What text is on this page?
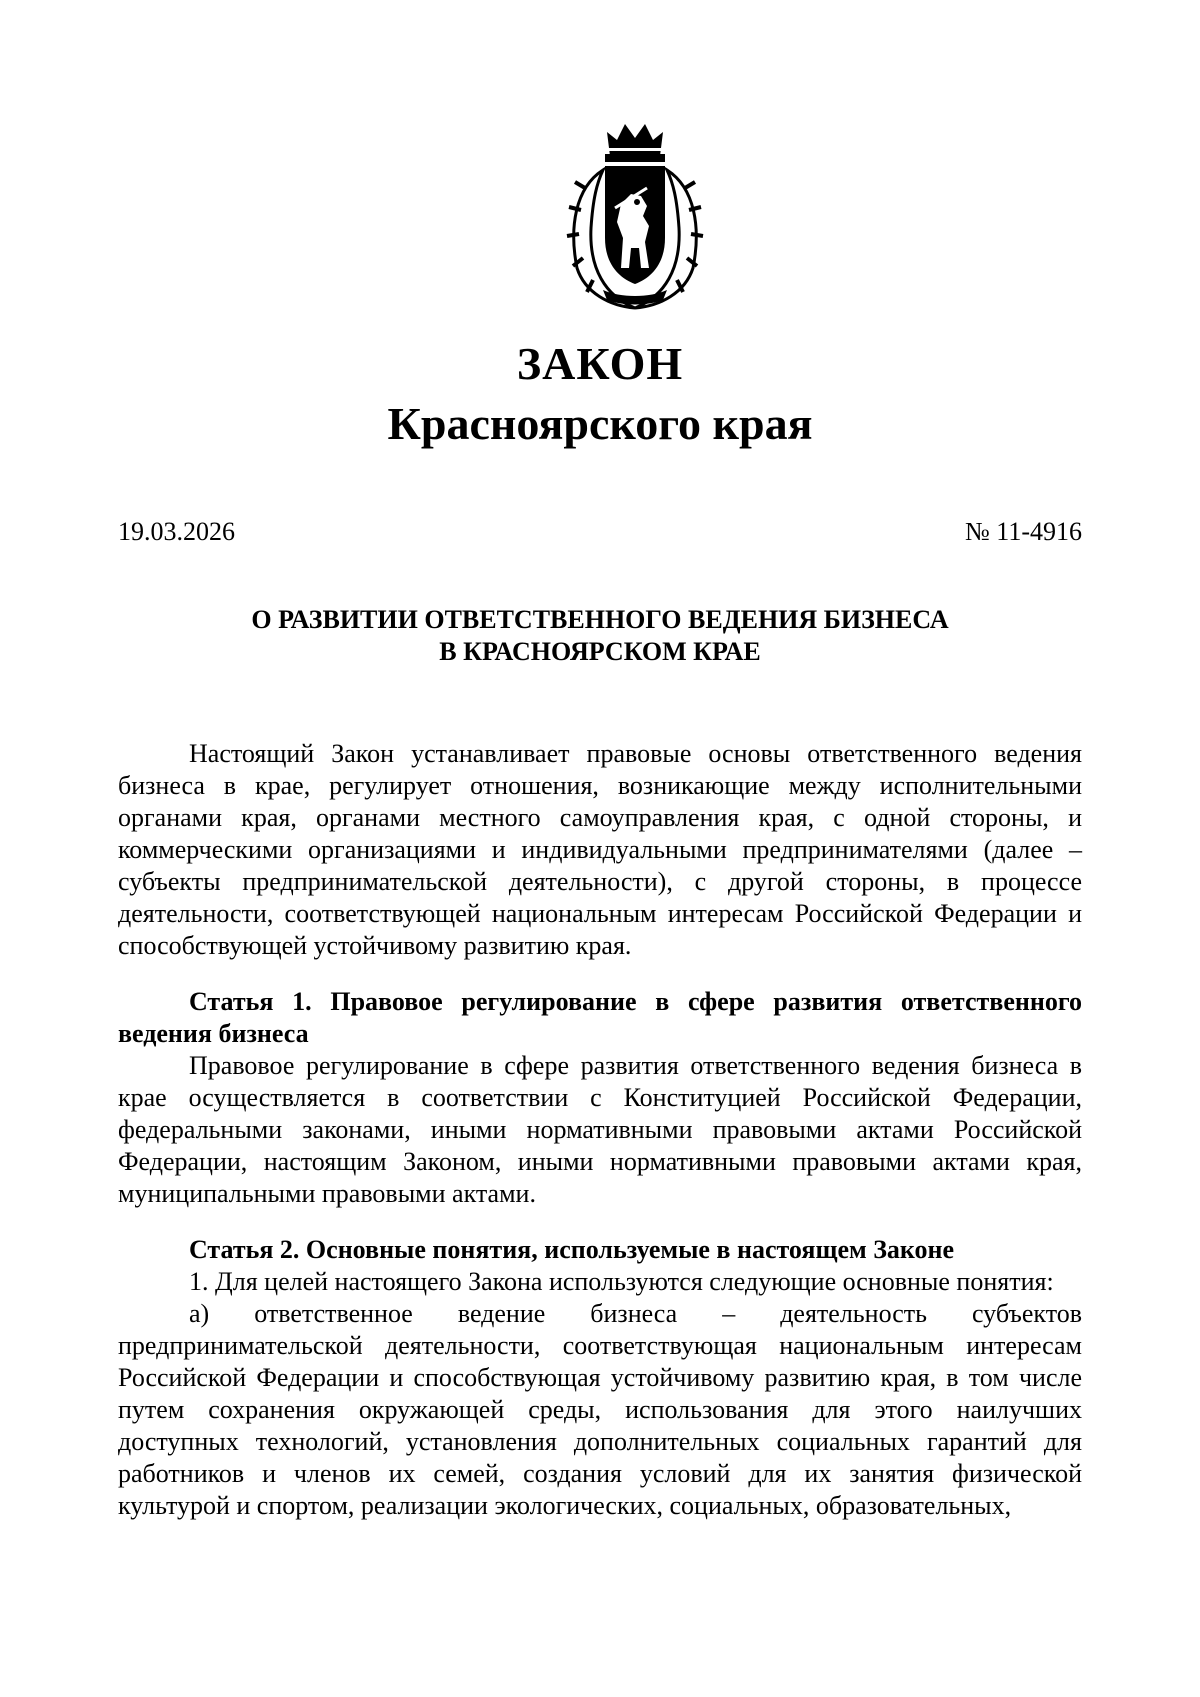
ЗАКОН
Красноярского края
19.03.2026	№ 11-4916
О РАЗВИТИИ ОТВЕТСТВЕННОГО ВЕДЕНИЯ БИЗНЕСА
В КРАСНОЯРСКОМ КРАЕ

Настоящий Закон устанавливает правовые основы ответственного ведения бизнеса в крае, регулирует отношения, возникающие между исполнительными органами края, органами местного самоуправления края, с одной стороны, и коммерческими организациями и индивидуальными предпринимателями (далее – субъекты предпринимательской деятельности), с другой стороны, в процессе деятельности, соответствующей национальным интересам Российской Федерации и способствующей устойчивому развитию края.

Статья 1. Правовое регулирование в сфере развития ответственного ведения бизнеса

Правовое регулирование в сфере развития ответственного ведения бизнеса в крае осуществляется в соответствии с Конституцией Российской Федерации, федеральными законами, иными нормативными правовыми актами Российской Федерации, настоящим Законом, иными нормативными правовыми актами края, муниципальными правовыми актами.

Статья 2. Основные понятия, используемые в настоящем Законе

1. Для целей настоящего Закона используются следующие основные понятия:

а) ответственное ведение бизнеса – деятельность субъектов предпринимательской деятельности, соответствующая национальным интересам Российской Федерации и способствующая устойчивому развитию края, в том числе путем сохранения окружающей среды, использования для этого наилучших доступных технологий, установления дополнительных социальных гарантий для работников и членов их семей, создания условий для их занятия физической культурой и спортом, реализации экологических, социальных, образовательных,
